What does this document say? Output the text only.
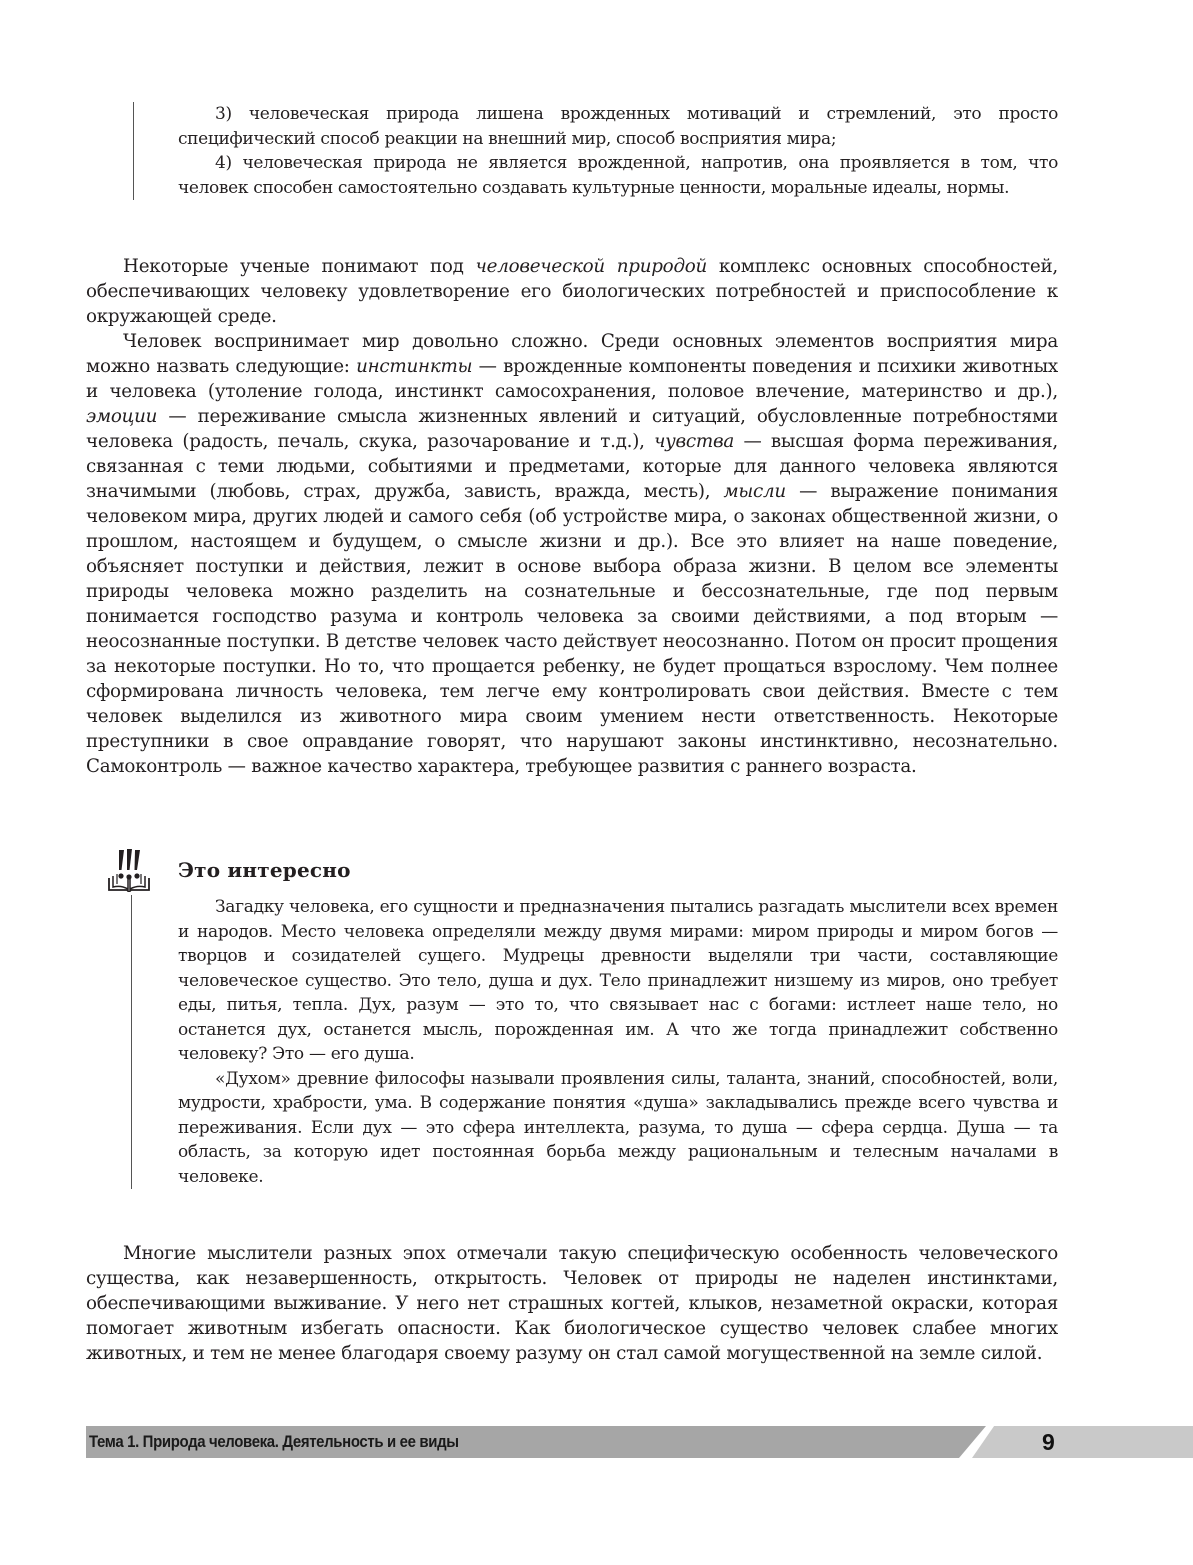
3) человеческая природа лишена врожденных мотиваций и стремлений, это просто специфический способ реакции на внешний мир, способ восприятия мира;

4) человеческая природа не является врожденной, напротив, она проявляется в том, что человек способен самостоятельно создавать культурные ценности, моральные идеалы, нормы.

Некоторые ученые понимают под человеческой природой комплекс основных способностей, обеспечивающих человеку удовлетворение его биологических потребностей и приспособление к окружающей среде.

Человек воспринимает мир довольно сложно. Среди основных элементов восприятия мира можно назвать следующие: инстинкты — врожденные компоненты поведения и психики животных и человека (утоление голода, инстинкт самосохранения, половое влечение, материнство и др.), эмоции — переживание смысла жизненных явлений и ситуаций, обусловленные потребностями человека (радость, печаль, скука, разочарование и т.д.), чувства — высшая форма переживания, связанная с теми людьми, событиями и предметами, которые для данного человека являются значимыми (любовь, страх, дружба, зависть, вражда, месть), мысли — выражение понимания человеком мира, других людей и самого себя (об устройстве мира, о законах общественной жизни, о прошлом, настоящем и будущем, о смысле жизни и др.). Все это влияет на наше поведение, объясняет поступки и действия, лежит в основе выбора образа жизни. В целом все элементы природы человека можно разделить на сознательные и бессознательные, где под первым понимается господство разума и контроль человека за своими действиями, а под вторым — неосознанные поступки. В детстве человек часто действует неосознанно. Потом он просит прощения за некоторые поступки. Но то, что прощается ребенку, не будет прощаться взрослому. Чем полнее сформирована личность человека, тем легче ему контролировать свои действия. Вместе с тем человек выделился из животного мира своим умением нести ответственность. Некоторые преступники в свое оправдание говорят, что нарушают законы инстинктивно, несознательно. Самоконтроль — важное качество характера, требующее развития с раннего возраста.

Это интересно

Загадку человека, его сущности и предназначения пытались разгадать мыслители всех времен и народов. Место человека определяли между двумя мирами: миром природы и миром богов — творцов и созидателей сущего. Мудрецы древности выделяли три части, составляющие человеческое существо. Это тело, душа и дух. Тело принадлежит низшему из миров, оно требует еды, питья, тепла. Дух, разум — это то, что связывает нас с богами: истлеет наше тело, но останется дух, останется мысль, порожденная им. А что же тогда принадлежит собственно человеку? Это — его душа.

«Духом» древние философы называли проявления силы, таланта, знаний, способностей, воли, мудрости, храбрости, ума. В содержание понятия «душа» закладывались прежде всего чувства и переживания. Если дух — это сфера интеллекта, разума, то душа — сфера сердца. Душа — та область, за которую идет постоянная борьба между рациональным и телесным началами в человеке.

Многие мыслители разных эпох отмечали такую специфическую особенность человеческого существа, как незавершенность, открытость. Человек от природы не наделен инстинктами, обеспечивающими выживание. У него нет страшных когтей, клыков, незаметной окраски, которая помогает животным избегать опасности. Как биологическое существо человек слабее многих животных, и тем не менее благодаря своему разуму он стал самой могущественной на земле силой.

Тема 1. Природа человека. Деятельность и ее виды	9
